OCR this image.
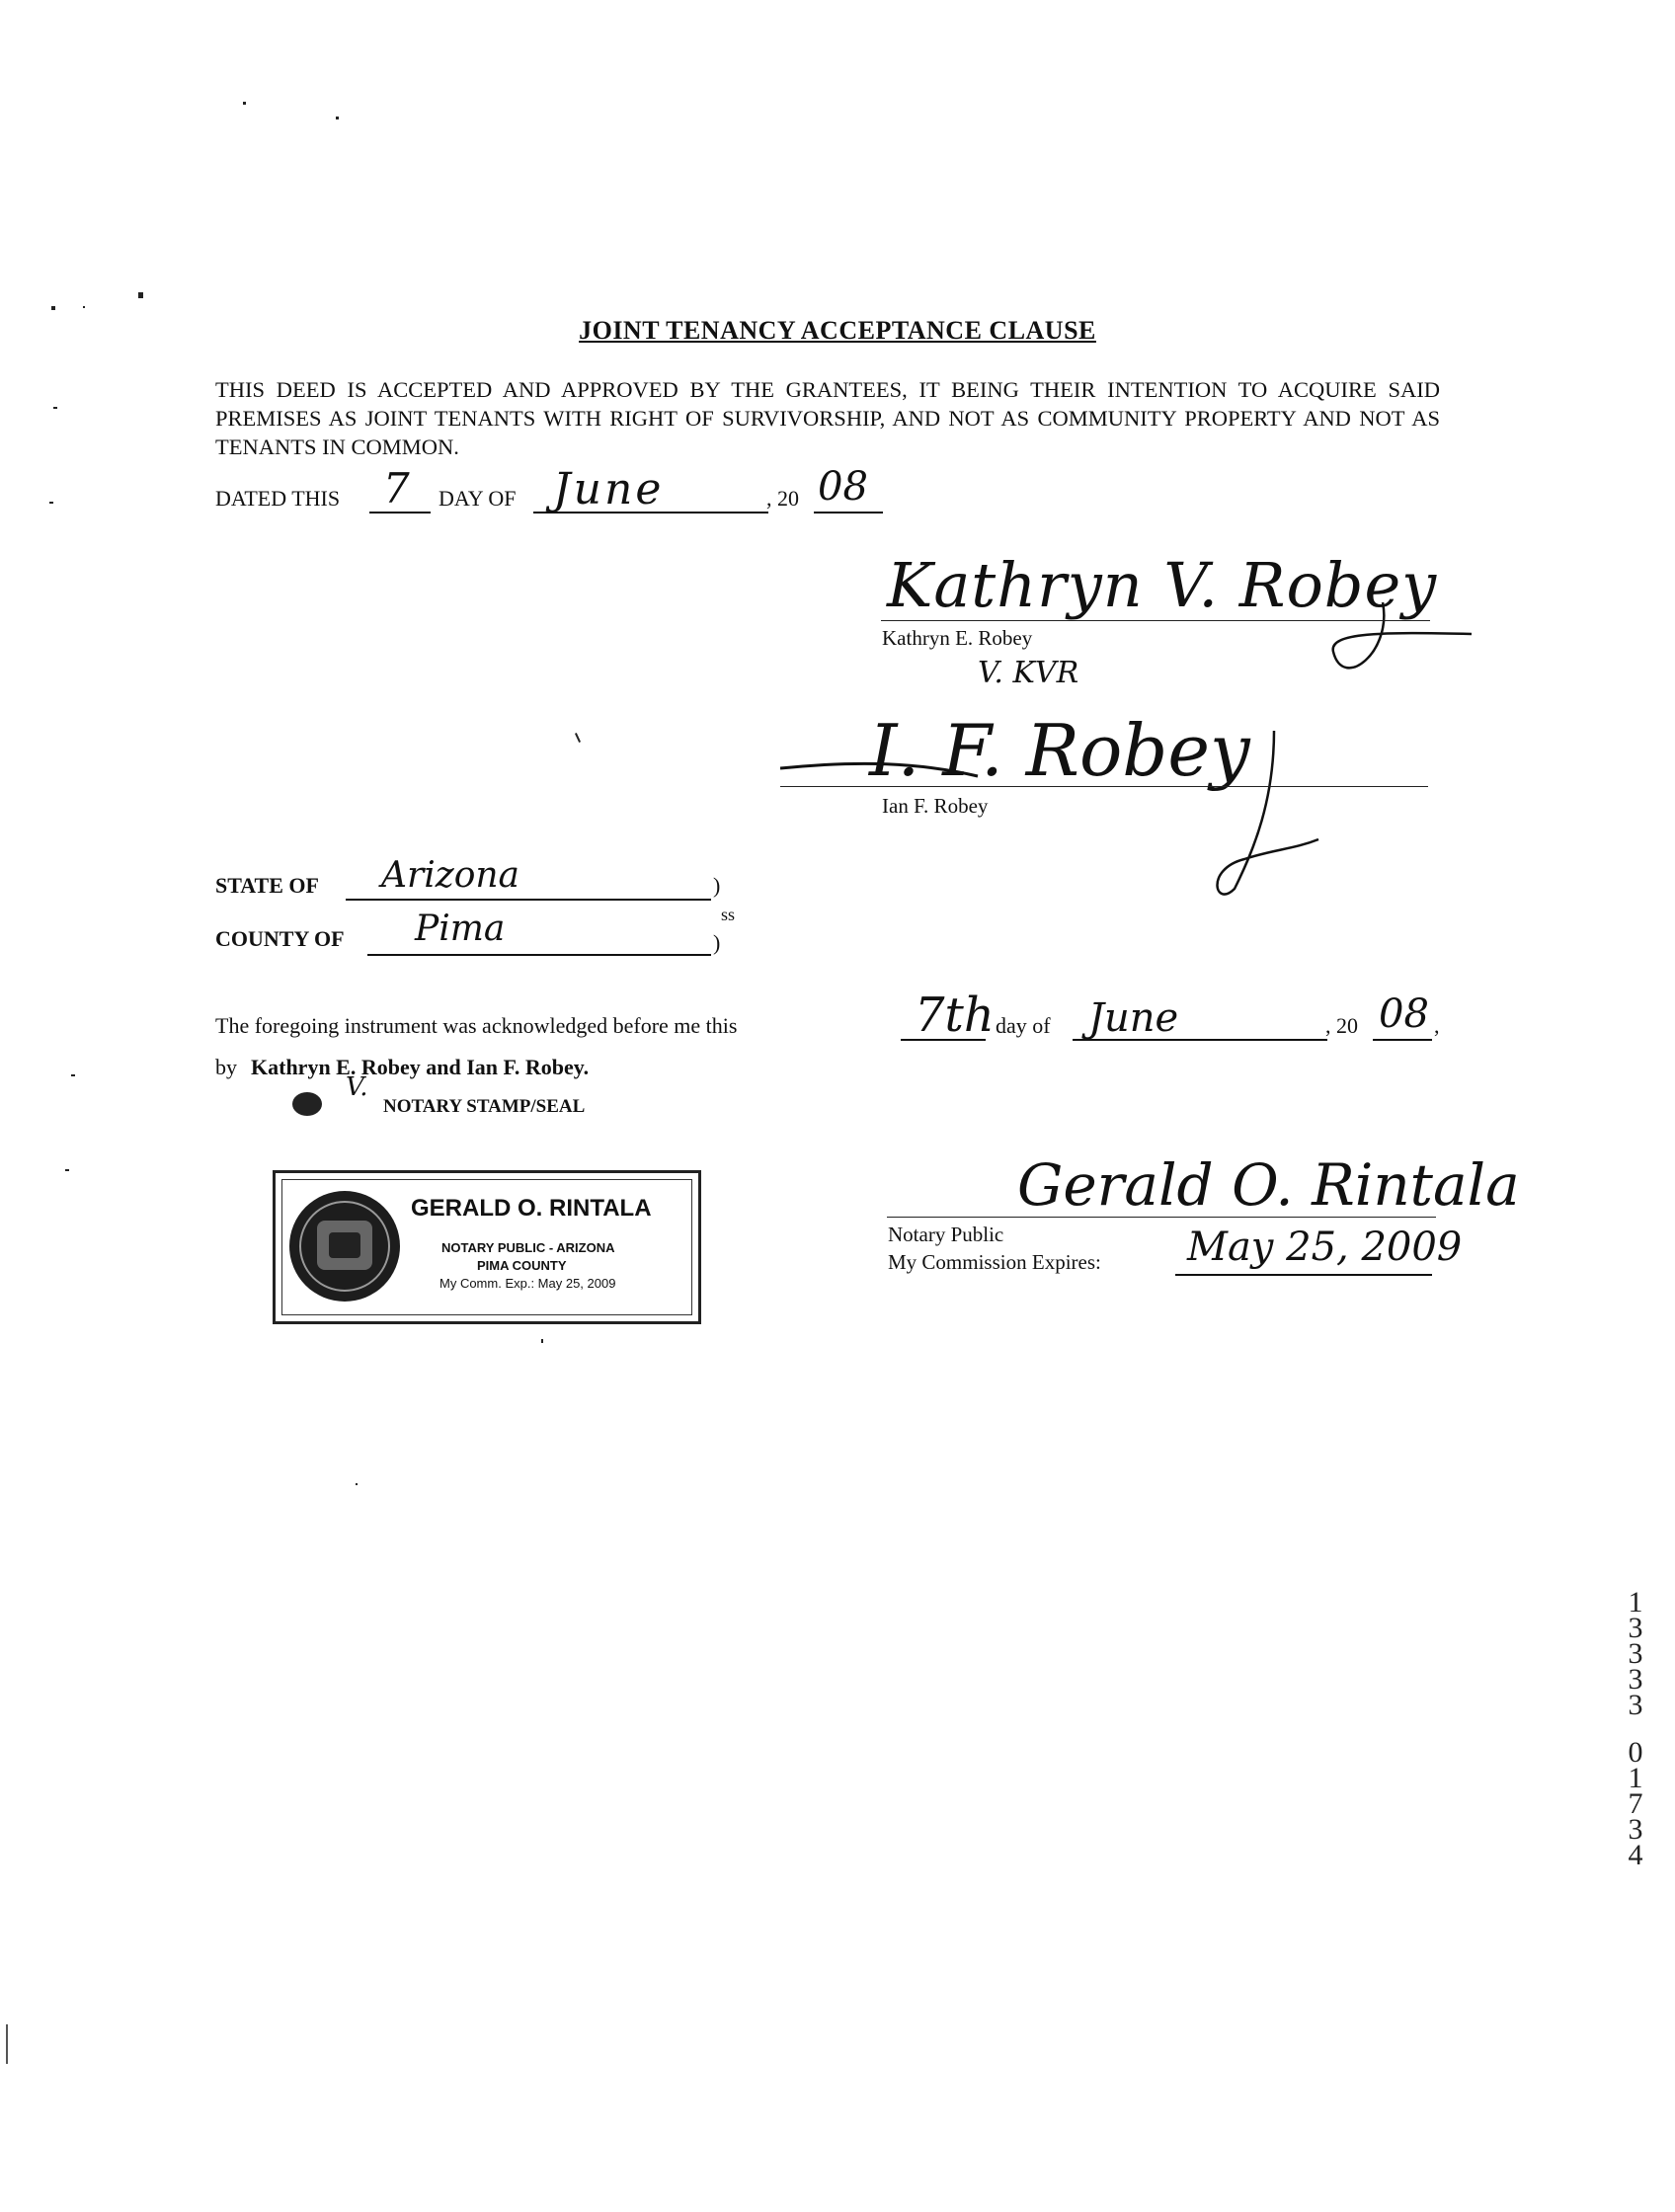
JOINT TENANCY ACCEPTANCE CLAUSE
THIS DEED IS ACCEPTED AND APPROVED BY THE GRANTEES, IT BEING THEIR INTENTION TO ACQUIRE SAID PREMISES AS JOINT TENANTS WITH RIGHT OF SURVIVORSHIP, AND NOT AS COMMUNITY PROPERTY AND NOT AS TENANTS IN COMMON.
DATED THIS 7 DAY OF June	, 20 08
Kathryn V. Robey
Kathryn E. Robey
V. KVR
I. F. Robey
Ian F. Robey
STATE OF Arizona	)
ss
COUNTY OF Pima	)
The foregoing instrument was acknowledged before me this	7th day of June	, 20 08 ,
by Kathryn E. Robey and Ian F. Robey.
V.
NOTARY STAMP/SEAL
GERALD O. RINTALA
NOTARY PUBLIC - ARIZONA
PIMA COUNTY
My Comm. Exp.: May 25, 2009
Gerald O. Rintala
Notary Public
My Commission Expires: May 25, 2009
1
3
3
3
3
0
1
7
3
4
